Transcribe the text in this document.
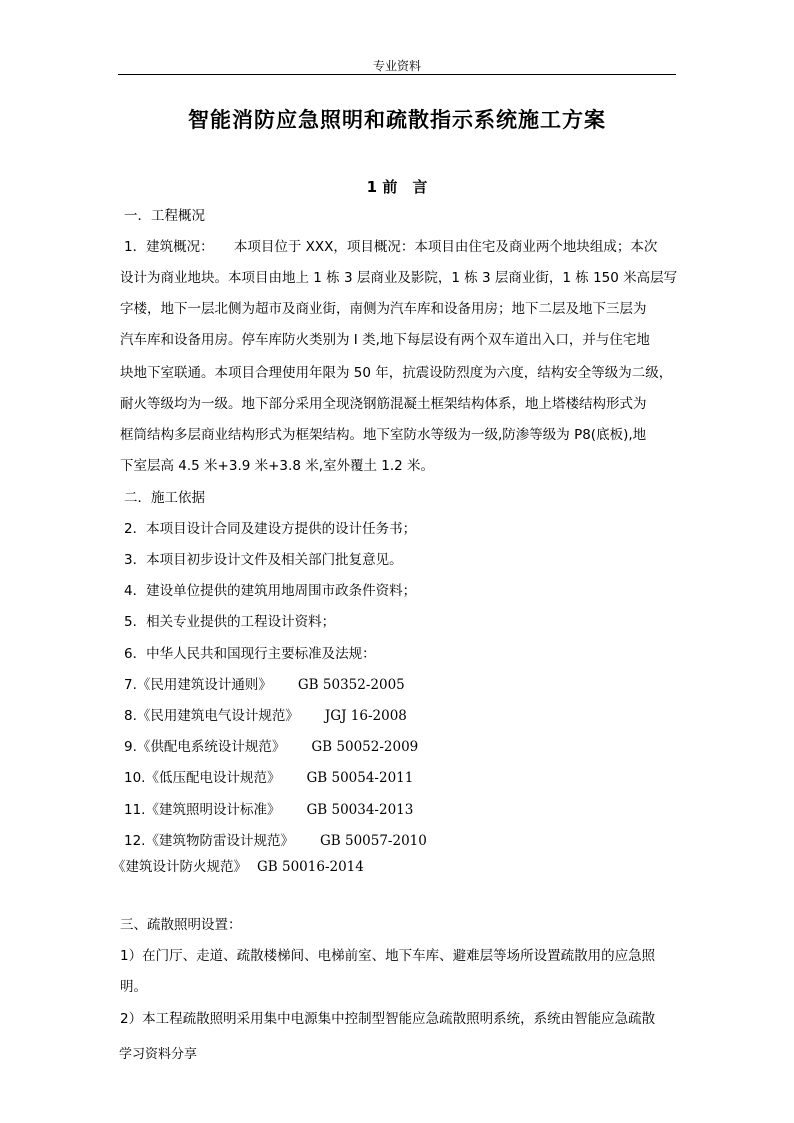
专业资料
智能消防应急照明和疏散指示系统施工方案
1 前　言
一．工程概况
1．建筑概况：　　本项目位于 XXX，项目概况：本项目由住宅及商业两个地块组成；本次
设计为商业地块。本项目由地上 1 栋 3 层商业及影院，1 栋 3 层商业街，1 栋 150 米高层写
字楼，地下一层北侧为超市及商业街，南侧为汽车库和设备用房；地下二层及地下三层为
汽车库和设备用房。停车库防火类别为 I 类,地下每层设有两个双车道出入口，并与住宅地
块地下室联通。本项目合理使用年限为 50 年，抗震设防烈度为六度，结构安全等级为二级，
耐火等级均为一级。地下部分采用全现浇钢筋混凝土框架结构体系，地上塔楼结构形式为
框筒结构多层商业结构形式为框架结构。地下室防水等级为一级,防渗等级为 P8(底板),地
下室层高 4.5 米+3.9 米+3.8 米,室外覆土 1.2 米。
二．施工依据
2．本项目设计合同及建设方提供的设计任务书；
3．本项目初步设计文件及相关部门批复意见。
4．建设单位提供的建筑用地周围市政条件资料；
5．相关专业提供的工程设计资料；
6．中华人民共和国现行主要标准及法规：
7.《民用建筑设计通则》 GB 50352-2005
8.《民用建筑电气设计规范》 JGJ 16-2008
9.《供配电系统设计规范》 GB 50052-2009
10.《低压配电设计规范》 GB 50054-2011
11.《建筑照明设计标准》 GB 50034-2013
12.《建筑物防雷设计规范》 GB 50057-2010
《建筑设计防火规范》 GB 50016-2014
三、疏散照明设置：
1）在门厅、走道、疏散楼梯间、电梯前室、地下车库、避难层等场所设置疏散用的应急照
明。
2）本工程疏散照明采用集中电源集中控制型智能应急疏散照明系统，系统由智能应急疏散
学习资料分享
